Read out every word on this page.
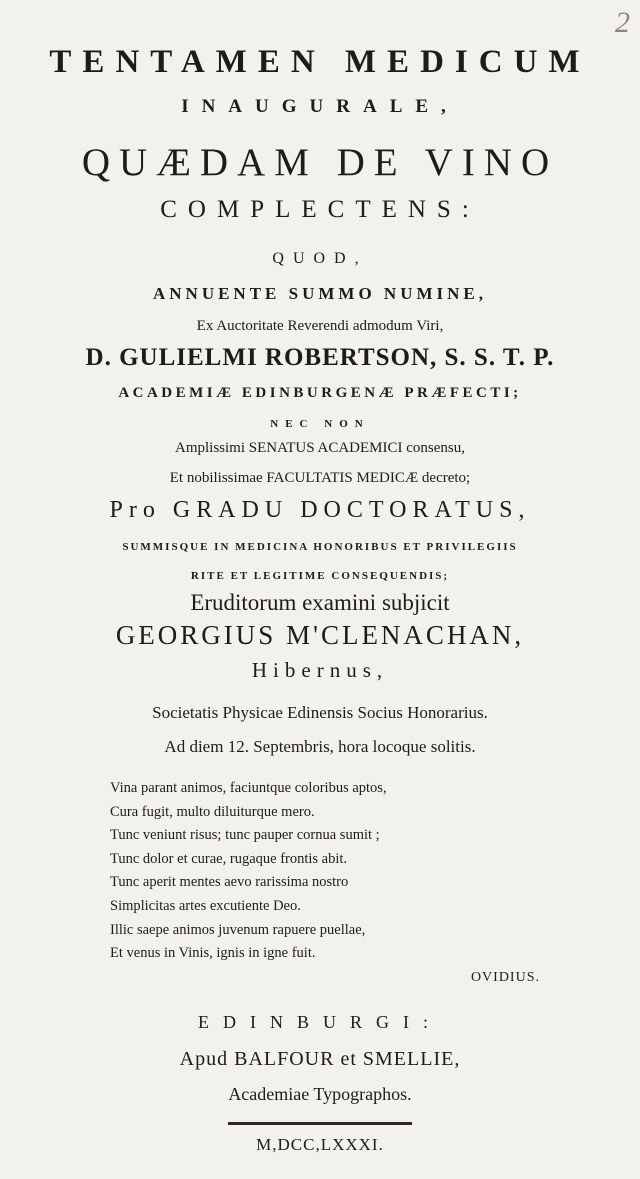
2
TENTAMEN MEDICUM
INAUGURALE,
QUÆDAM DE VINO
COMPLECTENS:
QUOD,
ANNUENTE SUMMO NUMINE,
Ex Auctoritate Reverendi admodum Viri,
D. GULIELMI ROBERTSON, S. S. T. P.
ACADEMIÆ EDINBURGENÆ PRÆFECTI;
NEC NON
Amplissimi SENATUS ACADEMICI consensu,
Et nobilissimae FACULTATIS MEDICÆ decreto;
Pro GRADU DOCTORATUS,
SUMMISQUE IN MEDICINA HONORIBUS ET PRIVILEGIIS
RITE ET LEGITIME CONSEQUENDIS;
Eruditorum examini subjicit
GEORGIUS M'CLENACHAN,
Hibernus,
Societatis Physicae Edinensis Socius Honorarius.
Ad diem 12. Septembris, hora locoque solitis.
Vina parant animos, faciuntque coloribus aptos,
Cura fugit, multo diluiturque mero.
Tunc veniunt risus; tunc pauper cornua sumit ;
Tunc dolor et curae, rugaque frontis abit.
Tunc aperit mentes aevo rarissima nostro
Simplicitas artes excutiente Deo.
Illic saepe animos juvenum rapuere puellae,
Et venus in Vinis, ignis in igne fuit.
OVIDIUS.
EDINBURGI:
Apud BALFOUR et SMELLIE,
Academiae Typographos.
M,DCC,LXXXI.
